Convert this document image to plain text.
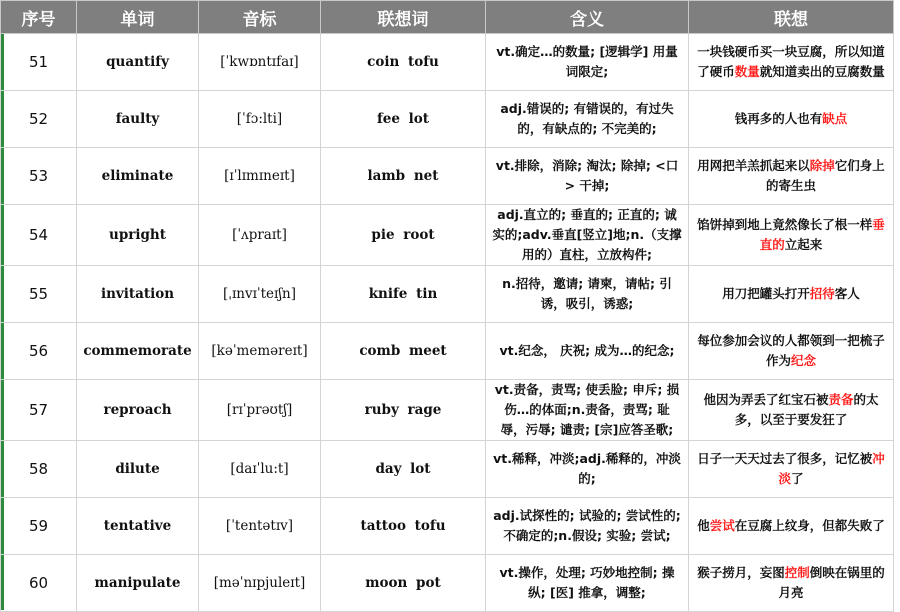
序号	单词	音标	联想词	含义	联想
51	quantify	[ˈkwɒntɪfaɪ]	coin tofu	vt.确定…的数量; [逻辑学] 用量词限定;	一块钱硬币买一块豆腐，所以知道了硬币数量就知道卖出的豆腐数量
52	faulty	[ˈfɔ:lti]	fee lot	adj.错误的; 有错误的，有过失的，有缺点的; 不完美的;	钱再多的人也有缺点
53	eliminate	[ɪˈlɪmɪneɪt]	lamb net	vt.排除，消除; 淘汰; 除掉; <口> 干掉;	用网把羊羔抓起来以除掉它们身上的寄生虫
54	upright	[ˈʌpraɪt]	pie root	adj.直立的; 垂直的; 正直的; 诚实的;adv.垂直[竖立]地;n.（支撑用的）直柱，立放构件;	馅饼掉到地上竟然像长了根一样垂直的立起来
55	invitation	[ˌɪnvɪˈteɪʃn]	knife tin	n.招待，邀请; 请柬，请帖; 引诱，吸引，诱惑;	用刀把罐头打开招待客人
56	commemorate	[kəˈmeməreɪt]	comb meet	vt.纪念， 庆祝; 成为…的纪念;	每位参加会议的人都领到一把梳子作为纪念
57	reproach	[rɪˈprəʊtʃ]	ruby rage	vt.责备，责骂; 使丢脸; 申斥; 损伤…的体面;n.责备，责骂; 耻辱，污辱; 谴责; [宗]应答圣歌;	他因为弄丢了红宝石被责备的太多，以至于要发狂了
58	dilute	[daɪˈlu:t]	day lot	vt.稀释，冲淡;adj.稀释的，冲淡的;	日子一天天过去了很多，记忆被冲淡了
59	tentative	[ˈtentətɪv]	tattoo tofu	adj.试探性的; 试验的; 尝试性的; 不确定的;n.假设; 实验; 尝试;	他尝试在豆腐上纹身，但都失败了
60	manipulate	[məˈnɪpjuleɪt]	moon pot	vt.操作，处理; 巧妙地控制; 操纵; [医] 推拿，调整;	猴子捞月，妄图控制倒映在锅里的月亮
